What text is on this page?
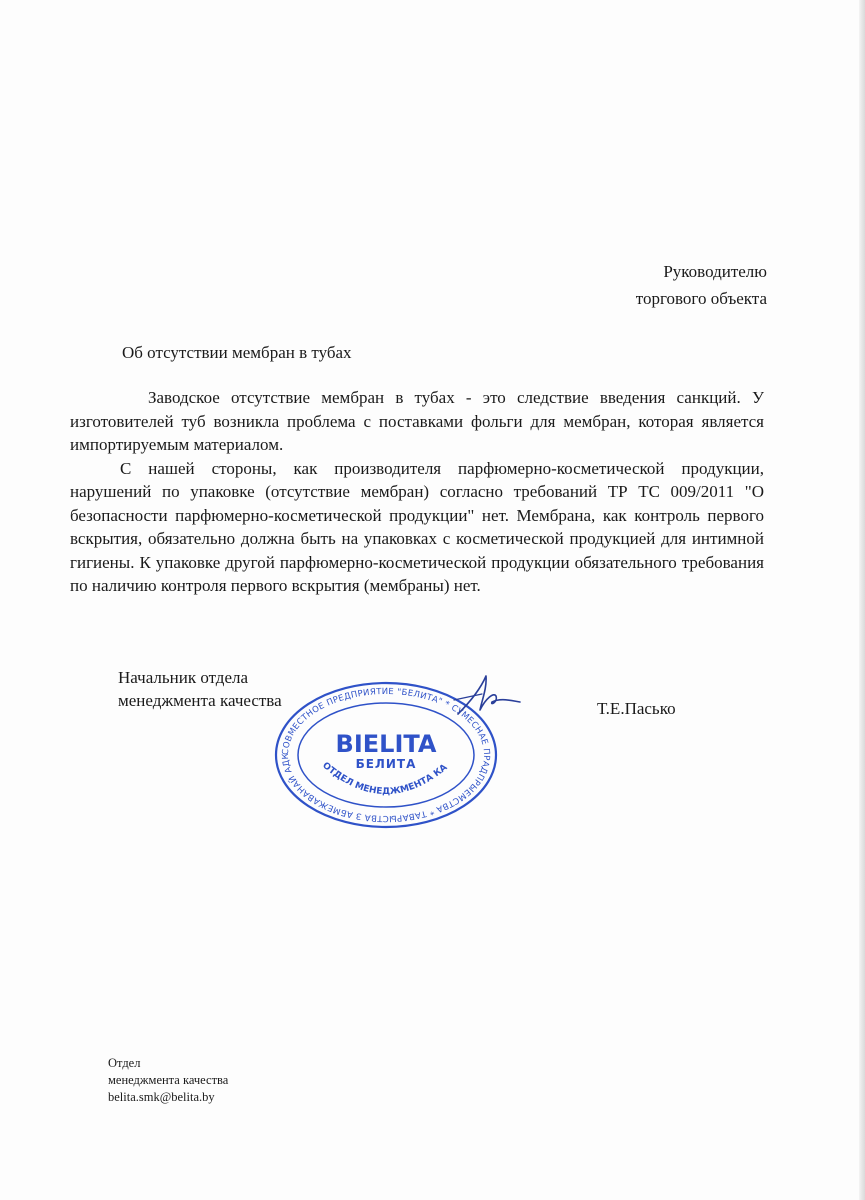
Руководителю
торгового объекта
Об отсутствии мембран в тубах

Заводское отсутствие мембран в тубах - это следствие введения санкций. У изготовителей туб возникла проблема с поставками фольги для мембран, которая является импортируемым материалом.

С нашей стороны, как производителя парфюмерно-косметической продукции, нарушений по упаковке (отсутствие мембран) согласно требований ТР ТС 009/2011 "О безопасности парфюмерно-косметической продукции" нет. Мембрана, как контроль первого вскрытия, обязательно должна быть на упаковках с косметической продукцией для интимной гигиены. К упаковке другой парфюмерно-косметической продукции обязательного требования по наличию контроля первого вскрытия (мембраны) нет.

Начальник отдела
менеджмента качества
СОВМЕСТНОЕ ПРЕДПРИЯТИЕ "БЕЛИТА" * СУМЕСНАЕ ПРАДПРЫЕМСТВА * ТАВАРЫСТВА З АБМЕЖАВАНАЙ АДК	BIELITA
БЕЛИТА
ОТДЕЛ МЕНЕДЖМЕНТА КА
Т.Е.Пасько
Отдел
менеджмента качества
belita.smk@belita.by
